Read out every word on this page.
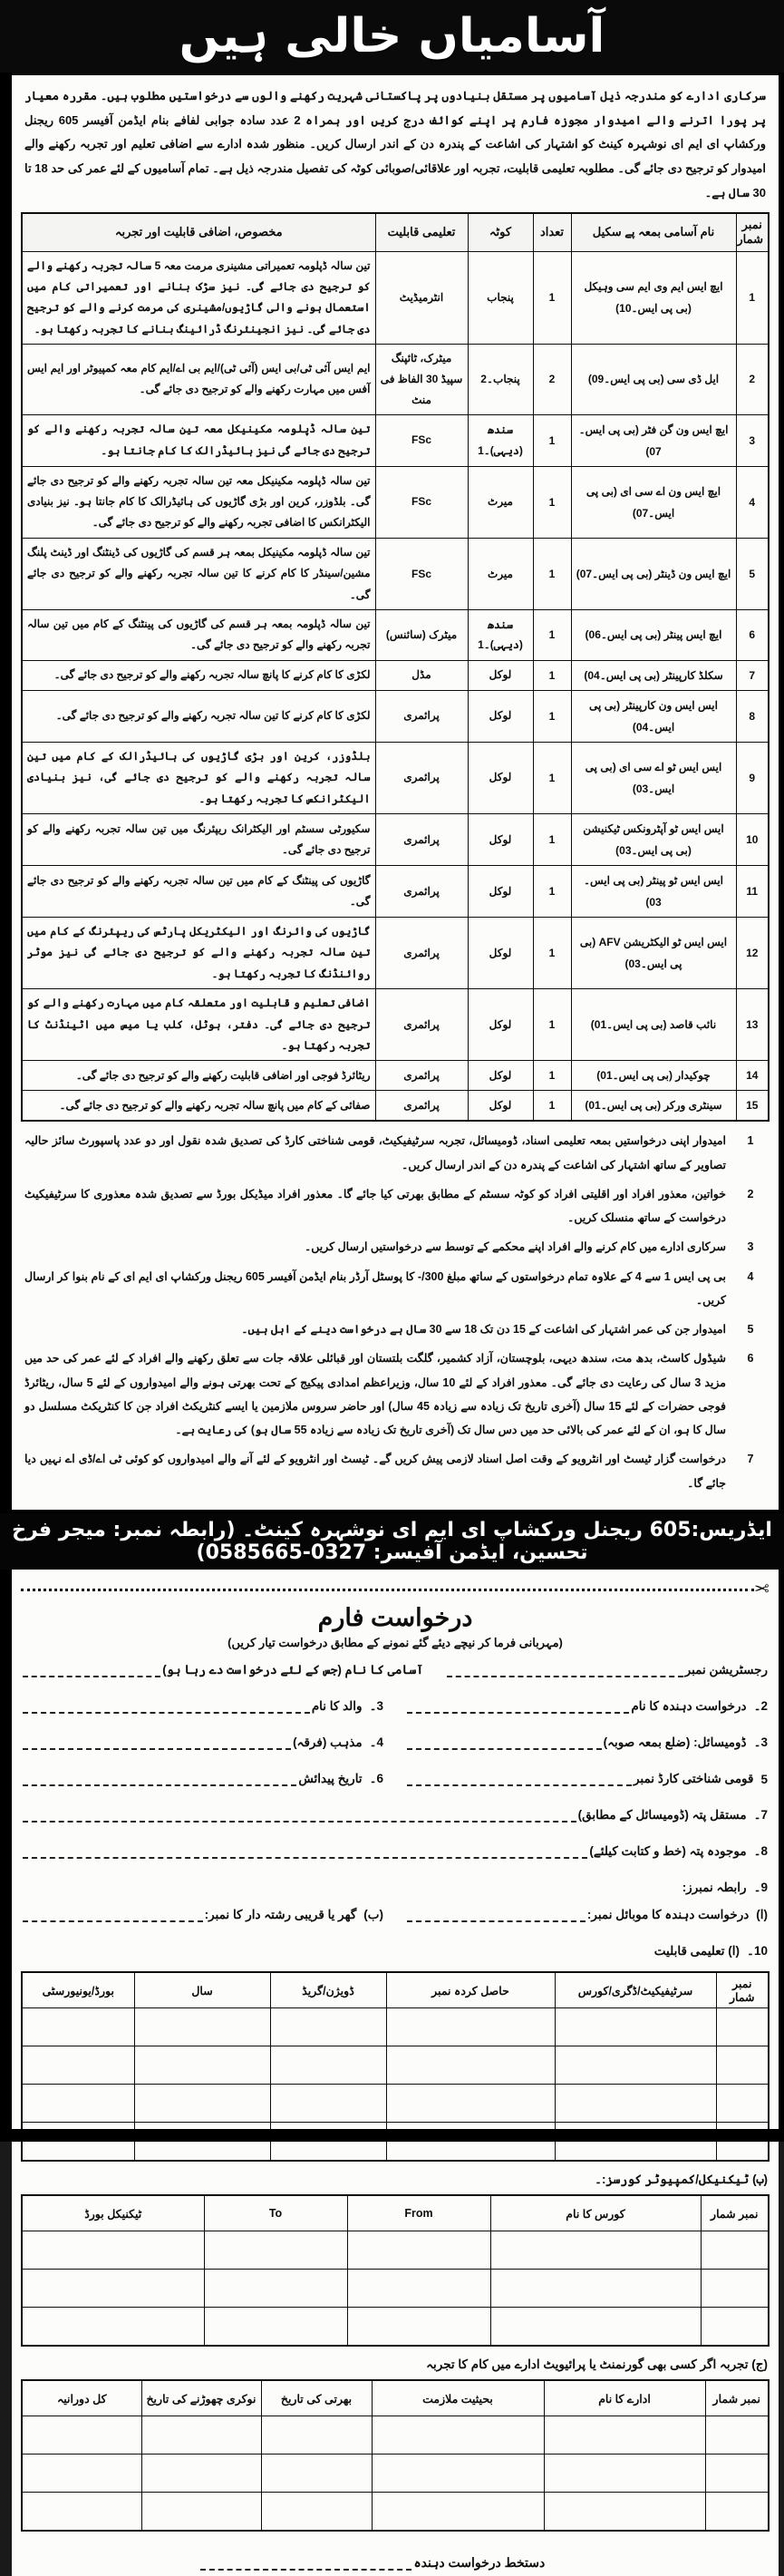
آسامیاں خالی ہیں

سرکاری ادارے کو مندرجہ ذیل آسامیوں پر مستقل بنیادوں پر پاکستانی شہریت رکھنے والوں سے درخواستیں مطلوب ہیں۔ مقررہ معیار پر پورا اترنے والے امیدوار مجوزہ فارم پر اپنے کوائف درج کریں اور ہمراہ 2 عدد سادہ جوابی لفافے بنام ایڈمن آفیسر 605 ریجنل ورکشاپ ای ایم ای نوشہرہ کینٹ کو اشتہار کی اشاعت کے پندرہ دن کے اندر ارسال کریں۔ منظور شدہ ادارے سے اضافی تعلیم اور تجربہ رکھنے والے امیدوار کو ترجیح دی جائے گی۔ مطلوبہ تعلیمی قابلیت، تجربہ اور علاقائی/صوبائی کوٹہ کی تفصیل مندرجہ ذیل ہے۔ تمام آسامیوں کے لئے عمر کی حد 18 تا 30 سال ہے۔

نمبر شمار	نام آسامی بمعہ پے سکیل	تعداد	کوٹہ	تعلیمی قابلیت	مخصوص، اضافی قابلیت اور تجربہ
1	ایچ ایس ایم وی ایم سی وہیکل (بی پی ایس۔10)	1	پنجاب	انٹرمیڈیٹ	تین سالہ ڈپلومہ تعمیراتی مشینری مرمت معہ 5 سالہ تجربہ رکھنے والے کو ترجیح دی جائے گی۔ نیز سڑک بنانے اور تعمیراتی کام میں استعمال ہونے والی گاڑیوں/مشینری کی مرمت کرنے والے کو ترجیح دی جائے گی۔ نیز انجینئرنگ ڈرائینگ بنانے کا تجربہ رکھتا ہو۔
2	ایل ڈی سی (بی پی ایس۔09)	2	پنجاب۔2	میٹرک، ٹائپنگ سپیڈ 30 الفاظ فی منٹ	ایم ایس آئی ٹی/بی ایس (آئی ٹی)/ایم بی اے/ایم کام معہ کمپیوٹر اور ایم ایس آفس میں مہارت رکھنے والے کو ترجیح دی جائے گی۔
3	ایچ ایس ون گن فٹر (بی پی ایس۔07)	1	سندھ (دیہی)۔1	FSc	تین سالہ ڈپلومہ مکینیکل معہ تین سالہ تجربہ رکھنے والے کو ترجیح دی جائے گی نیز ہائیڈرالک کا کام جانتا ہو۔
4	ایچ ایس ون اے سی ای (بی پی ایس۔07)	1	میرٹ	FSc	تین سالہ ڈپلومہ مکینیکل معہ تین سالہ تجربہ رکھنے والے کو ترجیح دی جائے گی۔ بلڈوزر، کرین اور بڑی گاڑیوں کی ہائیڈرالک کا کام جانتا ہو۔ نیز بنیادی الیکٹرانکس کا اضافی تجربہ رکھنے والے کو ترجیح دی جائے گی۔
5	ایچ ایس ون ڈینٹر (بی پی ایس۔07)	1	میرٹ	FSc	تین سالہ ڈپلومہ مکینیکل بمعہ ہر قسم کی گاڑیوں کی ڈینٹنگ اور ڈینٹ پلنگ مشین/سینڈر کا کام کرنے کا تین سالہ تجربہ رکھنے والے کو ترجیح دی جائے گی۔
6	ایچ ایس پینٹر (بی پی ایس۔06)	1	سندھ (دیہی)۔1	میٹرک (سائنس)	تین سالہ ڈپلومہ بمعہ ہر قسم کی گاڑیوں کی پینٹنگ کے کام میں تین سالہ تجربہ رکھنے والے کو ترجیح دی جائے گی۔
7	سکلڈ کارپینٹر (بی پی ایس۔04)	1	لوکل	مڈل	لکڑی کا کام کرنے کا پانچ سالہ تجربہ رکھنے والے کو ترجیح دی جائے گی۔
8	ایس ایس ون کارپینٹر (بی پی ایس۔04)	1	لوکل	پرائمری	لکڑی کا کام کرنے کا تین سالہ تجربہ رکھنے والے کو ترجیح دی جائے گی۔
9	ایس ایس ٹو اے سی ای (بی پی ایس۔03)	1	لوکل	پرائمری	بلڈوزر، کرین اور بڑی گاڑیوں کی ہائیڈرالک کے کام میں تین سالہ تجربہ رکھنے والے کو ترجیح دی جائے گی، نیز بنیادی الیکٹرانکس کا تجربہ رکھتا ہو۔
10	ایس ایس ٹو آپٹرونکس ٹیکنیشن (بی پی ایس۔03)	1	لوکل	پرائمری	سکیورٹی سسٹم اور الیکٹرانک ریپئرنگ میں تین سالہ تجربہ رکھنے والے کو ترجیح دی جائے گی۔
11	ایس ایس ٹو پینٹر (بی پی ایس۔03)	1	لوکل	پرائمری	گاڑیوں کی پینٹنگ کے کام میں تین سالہ تجربہ رکھنے والے کو ترجیح دی جائے گی۔
12	ایس ایس ٹو الیکٹریشن AFV (بی پی ایس۔03)	1	لوکل	پرائمری	گاڑیوں کی وائرنگ اور الیکٹریکل پارٹس کی ریپئرنگ کے کام میں تین سالہ تجربہ رکھنے والے کو ترجیح دی جائے گی نیز موٹر روائنڈنگ کا تجربہ رکھتا ہو۔
13	نائب قاصد (بی پی ایس۔01)	1	لوکل	پرائمری	اضافی تعلیم و قابلیت اور متعلقہ کام میں مہارت رکھنے والے کو ترجیح دی جائے گی۔ دفتر، ہوٹل، کلب یا میس میں اٹینڈنٹ کا تجربہ رکھتا ہو۔
14	چوکیدار (بی پی ایس۔01)	1	لوکل	پرائمری	ریٹائرڈ فوجی اور اضافی قابلیت رکھنے والے کو ترجیح دی جائے گی۔
15	سینٹری ورکر (بی پی ایس۔01)	1	لوکل	پرائمری	صفائی کے کام میں پانچ سالہ تجربہ رکھنے والے کو ترجیح دی جائے گی۔
1
امیدوار اپنی درخواستیں بمعہ تعلیمی اسناد، ڈومیسائل، تجربہ سرٹیفیکیٹ، قومی شناختی کارڈ کی تصدیق شدہ نقول اور دو عدد پاسپورٹ سائز حالیہ تصاویر کے ساتھ اشتہار کی اشاعت کے پندرہ دن کے اندر ارسال کریں۔
2
خواتین، معذور افراد اور اقلیتی افراد کو کوٹہ سسٹم کے مطابق بھرتی کیا جائے گا۔ معذور افراد میڈیکل بورڈ سے تصدیق شدہ معذوری کا سرٹیفیکیٹ درخواست کے ساتھ منسلک کریں۔
3
سرکاری ادارے میں کام کرنے والے افراد اپنے محکمے کے توسط سے درخواستیں ارسال کریں۔
4
بی پی ایس 1 سے 4 کے علاوہ تمام درخواستوں کے ساتھ مبلغ 300/- کا پوسٹل آرڈر بنام ایڈمن آفیسر 605 ریجنل ورکشاپ ای ایم ای کے نام بنوا کر ارسال کریں۔
5
امیدوار جن کی عمر اشتہار کی اشاعت کے 15 دن تک 18 سے 30 سال ہے درخواست دینے کے اہل ہیں۔
6
شیڈول کاسٹ، بدھ مت، سندھ دیہی، بلوچستان، آزاد کشمیر، گلگت بلتستان اور قبائلی علاقہ جات سے تعلق رکھنے والے افراد کے لئے عمر کی حد میں مزید 3 سال کی رعایت دی جائے گی۔ معذور افراد کے لئے 10 سال، وزیراعظم امدادی پیکیج کے تحت بھرتی ہونے والے امیدواروں کے لئے 5 سال، ریٹائرڈ فوجی حضرات کے لئے 15 سال (آخری تاریخ تک زیادہ سے زیادہ 45 سال) اور حاضر سروس ملازمین یا ایسے کنٹریکٹ افراد جن کا کنٹریکٹ مسلسل دو سال کا ہو، ان کے لئے عمر کی بالائی حد میں دس سال تک (آخری تاریخ تک زیادہ سے زیادہ 55 سال ہو) کی رعایت ہے۔
7
درخواست گزار ٹیسٹ اور انٹرویو کے وقت اصل اسناد لازمی پیش کریں گے۔ ٹیسٹ اور انٹرویو کے لئے آنے والے امیدواروں کو کوئی ٹی اے/ڈی اے نہیں دیا جائے گا۔
ایڈریس:605 ریجنل ورکشاپ ای ایم ای نوشہرہ کینٹ۔ (رابطہ نمبر: میجر فرخ تحسین، ایڈمن آفیسر: 0327-0585665)
✂
درخواست فارم
(مہربانی فرما کر نیچے دیئے گئے نمونے کے مطابق درخواست تیار کریں)
رجسٹریشن نمبر
آسامی کا نام (جس کے لئے درخواست دے رہا ہو)
2۔
درخواست دہندہ کا نام
3۔
والد کا نام
3۔
ڈومیسائل: (ضلع بمعہ صوبہ)
4۔
مذہب (فرقہ)
5
قومی شناختی کارڈ نمبر
6۔
تاریخ پیدائش
7۔
مستقل پتہ (ڈومیسائل کے مطابق)
8۔
موجودہ پتہ (خط و کتابت کیلئے)
9۔
رابطہ نمبرز:
(ا)
درخواست دہندہ کا موبائل نمبر:
(ب)
گھر یا قریبی رشتہ دار کا نمبر:
10۔
(ا) تعلیمی قابلیت
نمبر شمار	سرٹیفیکیٹ/ڈگری/کورس	حاصل کردہ نمبر	ڈویژن/گریڈ	سال	بورڈ/یونیورسٹی

(ب) ٹیکنیکل/کمپیوٹر کورسز:۔
نمبر شمار	کورس کا نام	From	To	ٹیکنیکل بورڈ

(ج) تجربہ اگر کسی بھی گورنمنٹ یا پرائیویٹ ادارے میں کام کا تجربہ
نمبر شمار	ادارے کا نام	بحیثیت ملازمت	بھرتی کی تاریخ	نوکری چھوڑنے کی تاریخ	کل دورانیہ

دستخط درخواست دہندہ
